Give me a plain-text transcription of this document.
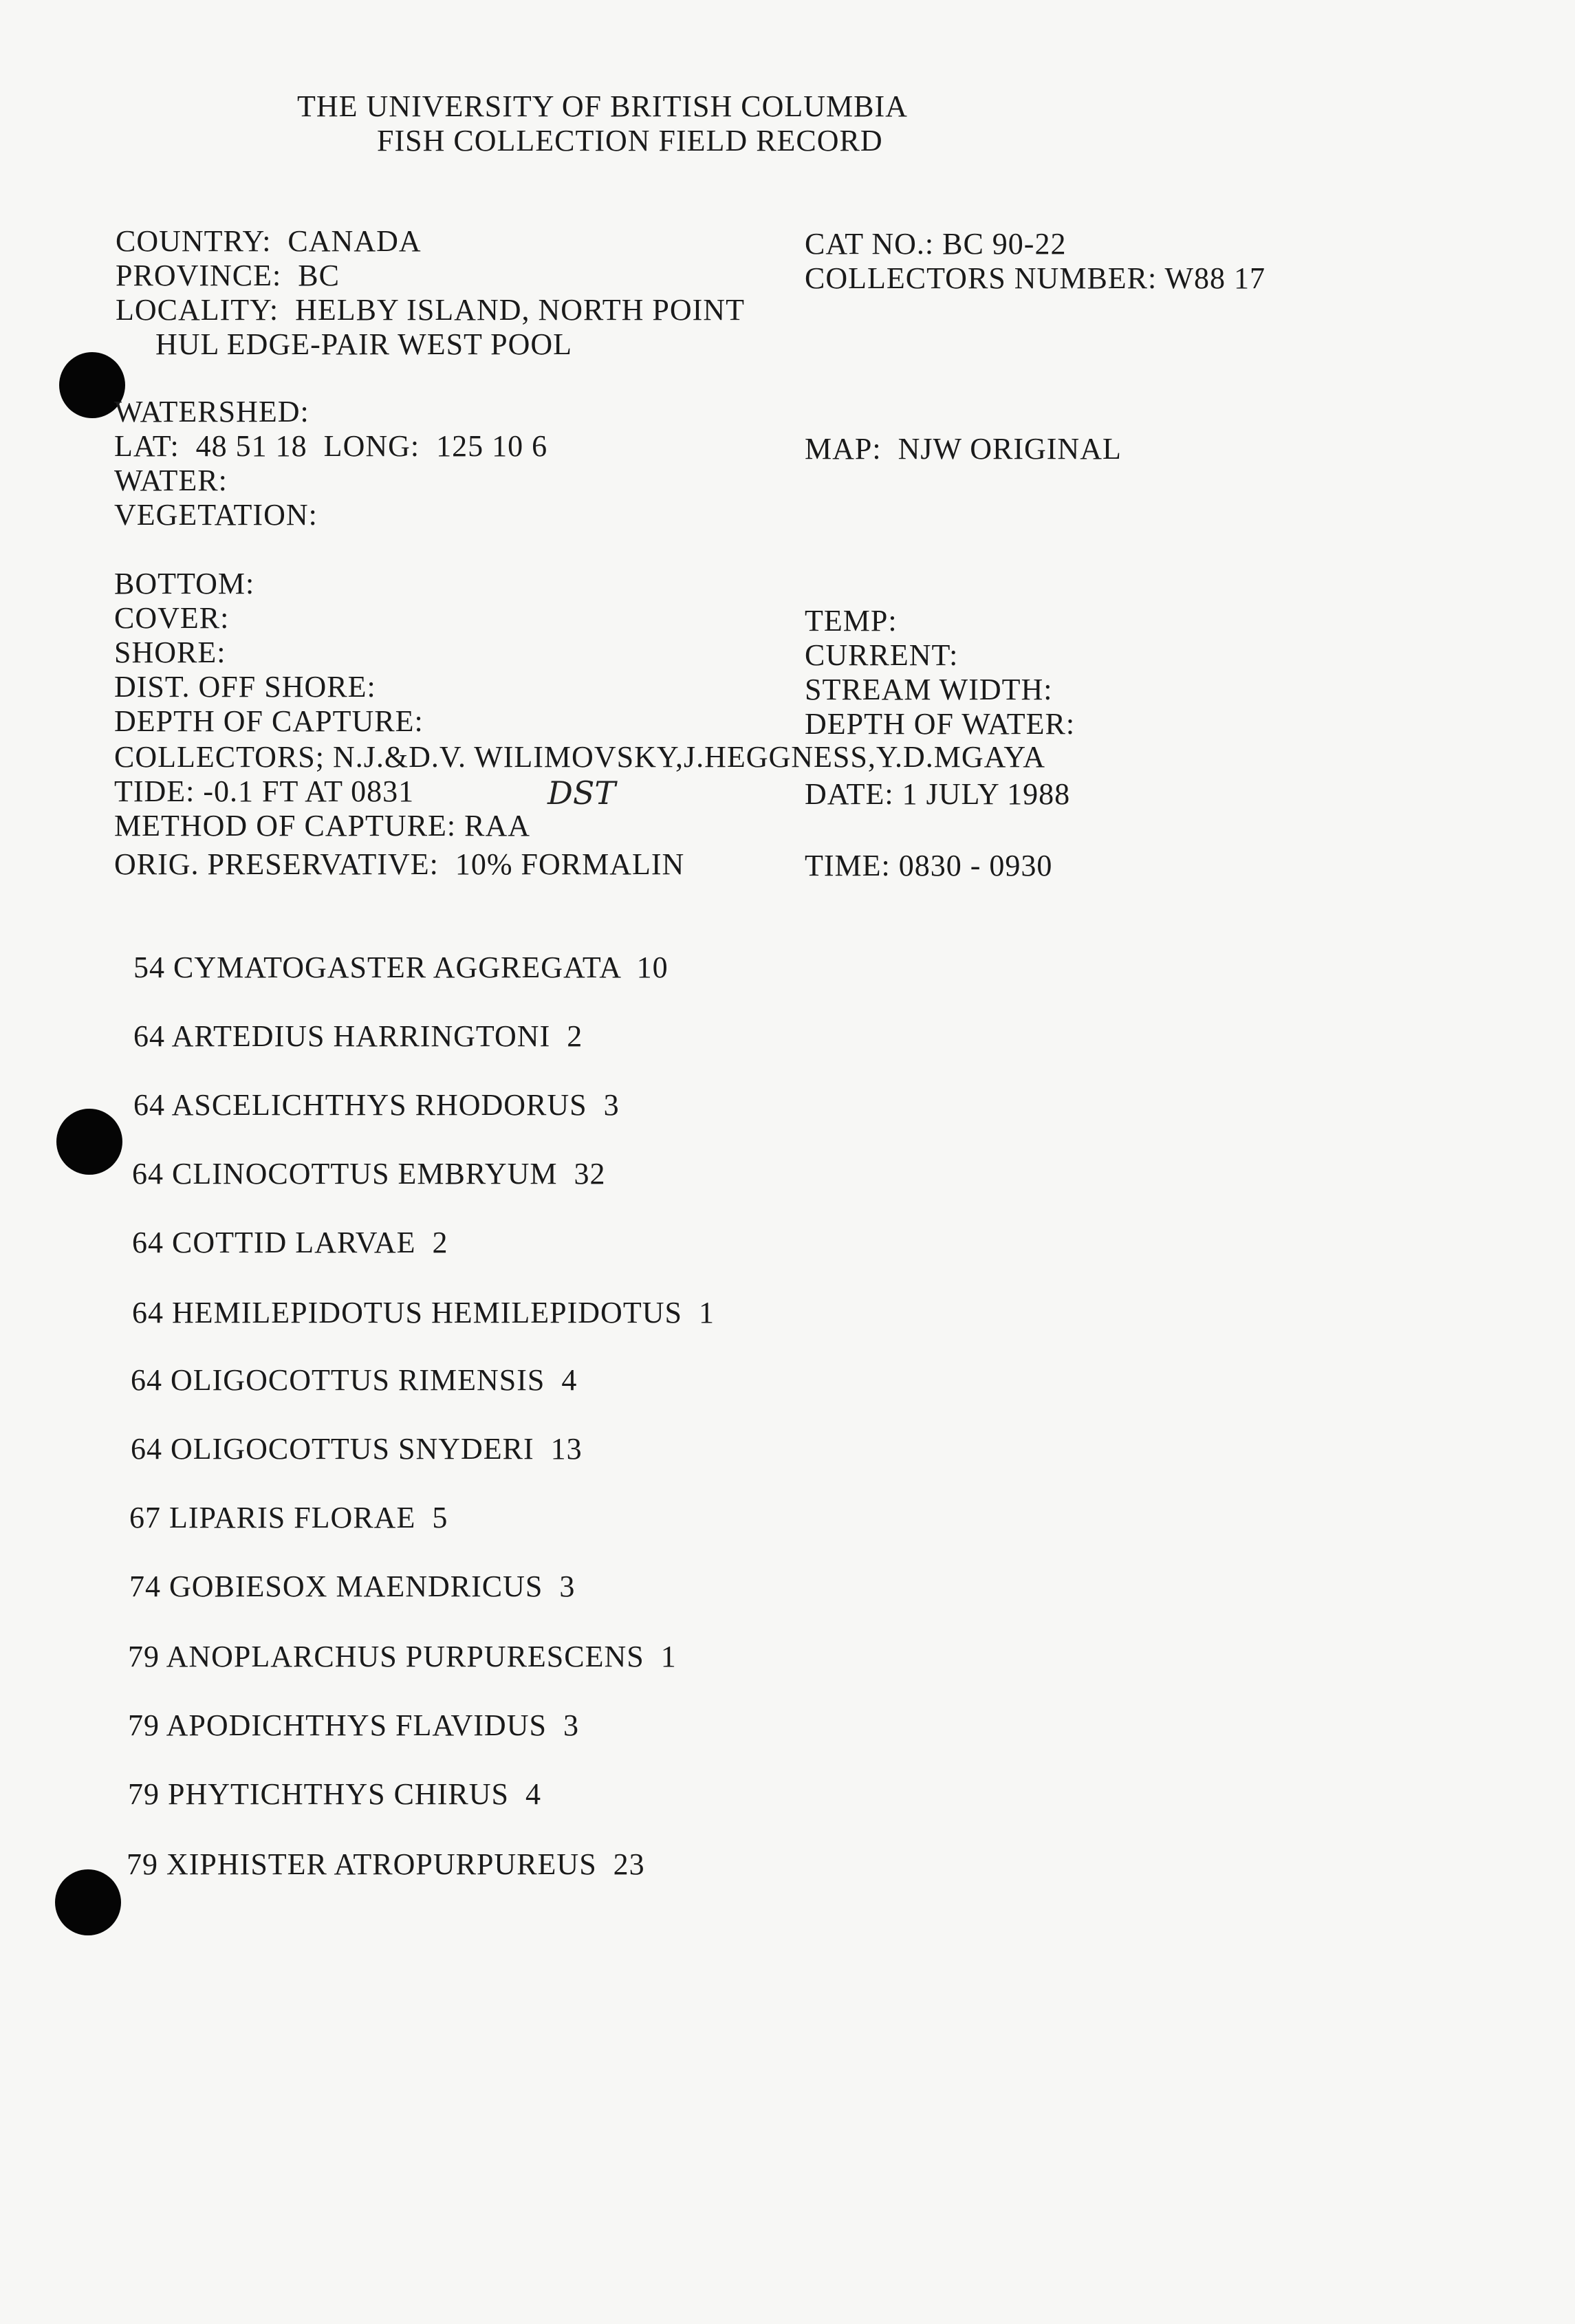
THE UNIVERSITY OF BRITISH COLUMBIA
FISH COLLECTION FIELD RECORD
COUNTRY:  CANADA	CAT NO.: BC 90-22
PROVINCE:  BC	COLLECTORS NUMBER: W88 17
LOCALITY:  HELBY ISLAND, NORTH POINT
HUL EDGE-PAIR WEST POOL
WATERSHED:
LAT:  48 51 18  LONG:  125 10 6	MAP:  NJW ORIGINAL
WATER:
VEGETATION:
BOTTOM:
COVER:	TEMP:
SHORE:	CURRENT:
DIST. OFF SHORE:	STREAM WIDTH:
DEPTH OF CAPTURE:	DEPTH OF WATER:
COLLECTORS; N.J.&D.V. WILIMOVSKY,J.HEGGNESS,Y.D.MGAYA
TIDE: -0.1 FT AT 0831	DST	DATE: 1 JULY 1988
METHOD OF CAPTURE: RAA
ORIG. PRESERVATIVE:  10% FORMALIN	TIME: 0830 - 0930
54 CYMATOGASTER AGGREGATA  10
64 ARTEDIUS HARRINGTONI  2
64 ASCELICHTHYS RHODORUS  3
64 CLINOCOTTUS EMBRYUM  32
64 COTTID LARVAE  2
64 HEMILEPIDOTUS HEMILEPIDOTUS  1
64 OLIGOCOTTUS RIMENSIS  4
64 OLIGOCOTTUS SNYDERI  13
67 LIPARIS FLORAE  5
74 GOBIESOX MAENDRICUS  3
79 ANOPLARCHUS PURPURESCENS  1
79 APODICHTHYS FLAVIDUS  3
79 PHYTICHTHYS CHIRUS  4
79 XIPHISTER ATROPURPUREUS  23
